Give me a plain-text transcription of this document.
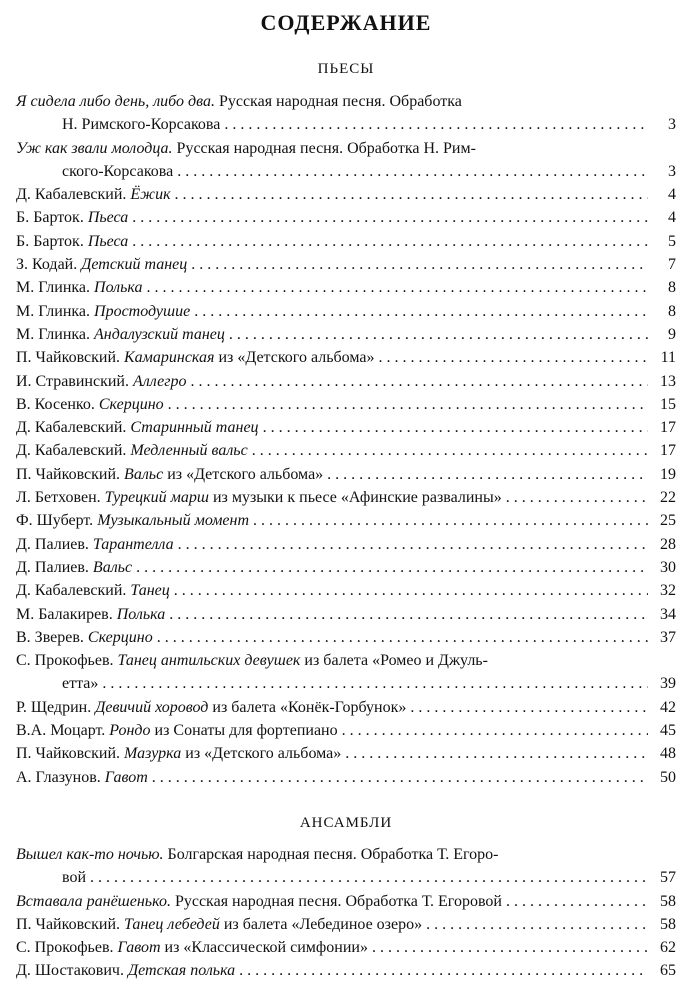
СОДЕРЖАНИЕ
ПЬЕСЫ
Я сидела либо день, либо два. Русская народная песня. Обработка
Н. Римского-Корсакова . . .	3
Уж как звали молодца. Русская народная песня. Обработка Н. Рим-
ского-Корсакова . . .	3
Д. Кабалевский. Ёжик . . .	4
Б. Барток. Пьеса . . .	4
Б. Барток. Пьеса . . .	5
З. Кодай. Детский танец . . .	7
М. Глинка. Полька . . .	8
М. Глинка. Простодушие . . .	8
М. Глинка. Андалузский танец . . .	9
П. Чайковский. Камаринская из «Детского альбома» . . .	11
И. Стравинский. Аллегро . . .	13
В. Косенко. Скерцино . . .	15
Д. Кабалевский. Старинный танец . . .	17
Д. Кабалевский. Медленный вальс . . .	17
П. Чайковский. Вальс из «Детского альбома» . . .	19
Л. Бетховен. Турецкий марш из музыки к пьесе «Афинские развалины» . . .	22
Ф. Шуберт. Музыкальный момент . . .	25
Д. Палиев. Тарантелла . . .	28
Д. Палиев. Вальс . . .	30
Д. Кабалевский. Танец . . .	32
М. Балакирев. Полька . . .	34
В. Зверев. Скерцино . . .	37
С. Прокофьев. Танец антильских девушек из балета «Ромео и Джуль-
етта» . . .	39
Р. Щедрин. Девичий хоровод из балета «Конёк-Горбунок» . . .	42
В.А. Моцарт. Рондо из Сонаты для фортепиано . . .	45
П. Чайковский. Мазурка из «Детского альбома» . . .	48
А. Глазунов. Гавот . . .	50
АНСАМБЛИ
Вышел как-то ночью. Болгарская народная песня. Обработка Т. Егоро-
вой . . .	57
Вставала ранёшенько. Русская народная песня. Обработка Т. Егоровой . . .	58
П. Чайковский. Танец лебедей из балета «Лебединое озеро» . . .	58
С. Прокофьев. Гавот из «Классической симфонии» . . .	62
Д. Шостакович. Детская полька . . .	65
